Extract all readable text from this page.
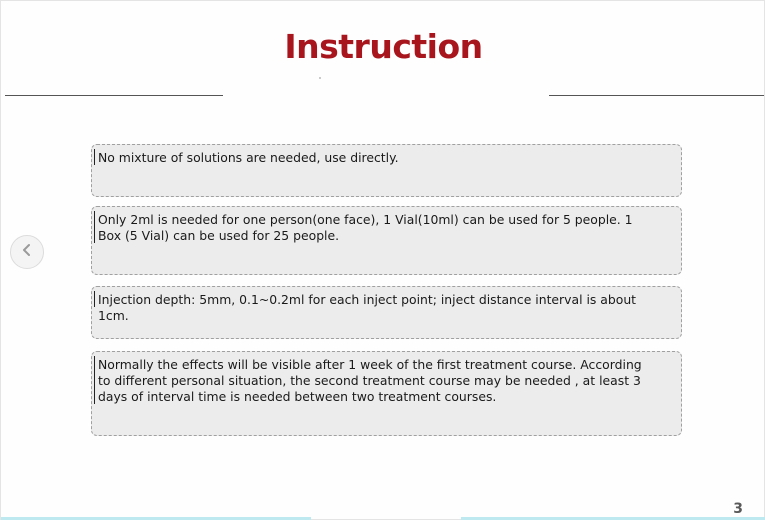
Instruction

No mixture of solutions are needed, use directly.

Only 2ml is needed for one person(one face), 1 Vial(10ml) can be used for 5 people. 1 Box (5 Vial) can be used for 25 people.

Injection depth: 5mm, 0.1~0.2ml for each inject point; inject distance interval is about 1cm.

Normally the effects will be visible after 1 week of the first treatment course. According to different personal situation, the second treatment course may be needed , at least 3 days of interval time is needed between two treatment courses.

3
